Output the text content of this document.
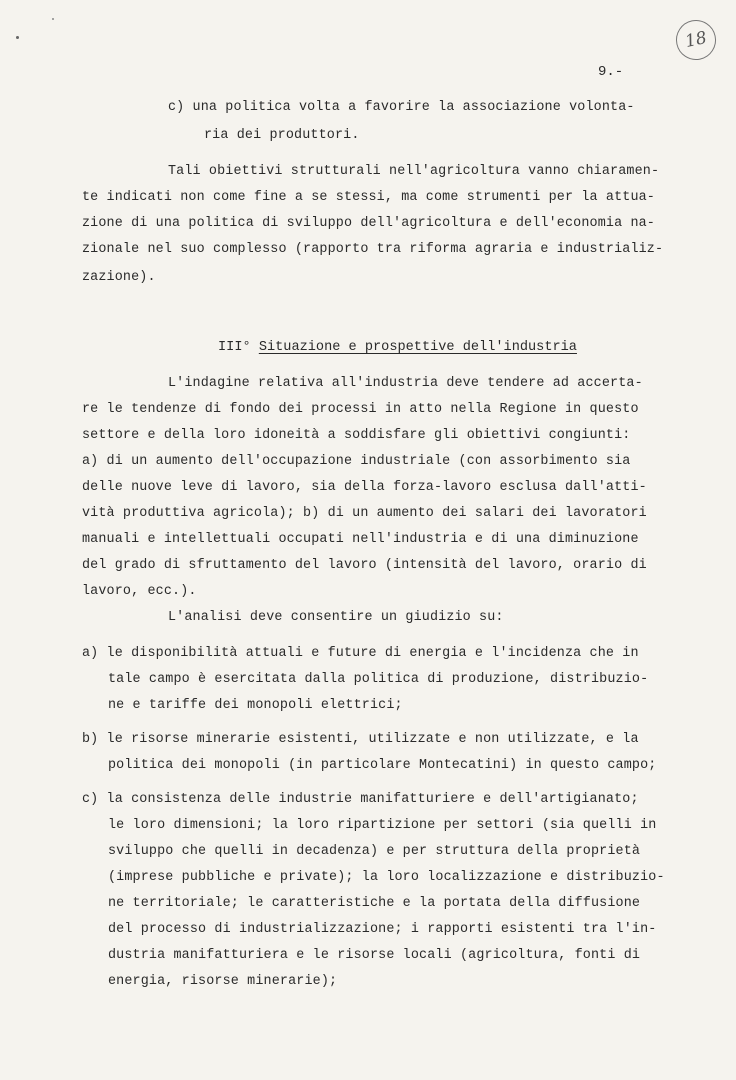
18
9.-
c) una politica volta a favorire la associazione volonta-
ria dei produttori.
Tali obiettivi strutturali nell'agricoltura vanno chiaramen-
te indicati non come fine a se stessi, ma come strumenti per la attua-
zione di una politica di sviluppo dell'agricoltura e dell'economia na-
zionale nel suo complesso (rapporto tra riforma agraria e industrializ-
zazione).
III° Situazione e prospettive dell'industria
L'indagine relativa all'industria deve tendere ad accerta-
re le tendenze di fondo dei processi in atto nella Regione in questo
settore e della loro idoneità a soddisfare gli obiettivi congiunti:
a) di un aumento dell'occupazione industriale (con assorbimento sia
delle nuove leve di lavoro, sia della forza-lavoro esclusa dall'atti-
vità produttiva agricola); b) di un aumento dei salari dei lavoratori
manuali e intellettuali occupati nell'industria e di una diminuzione
del grado di sfruttamento del lavoro (intensità del lavoro, orario di
lavoro, ecc.).
L'analisi deve consentire un giudizio su:
a) le disponibilità attuali e future di energia e l'incidenza che in
tale campo è esercitata dalla politica di produzione, distribuzio-
ne e tariffe dei monopoli elettrici;
b) le risorse minerarie esistenti, utilizzate e non utilizzate, e la
politica dei monopoli (in particolare Montecatini) in questo campo;
c) la consistenza delle industrie manifatturiere e dell'artigianato;
le loro dimensioni; la loro ripartizione per settori (sia quelli in
sviluppo che quelli in decadenza) e per struttura della proprietà
(imprese pubbliche e private); la loro localizzazione e distribuzio-
ne territoriale; le caratteristiche e la portata della diffusione
del processo di industrializzazione; i rapporti esistenti tra l'in-
dustria manifatturiera e le risorse locali (agricoltura, fonti di
energia, risorse minerarie);
